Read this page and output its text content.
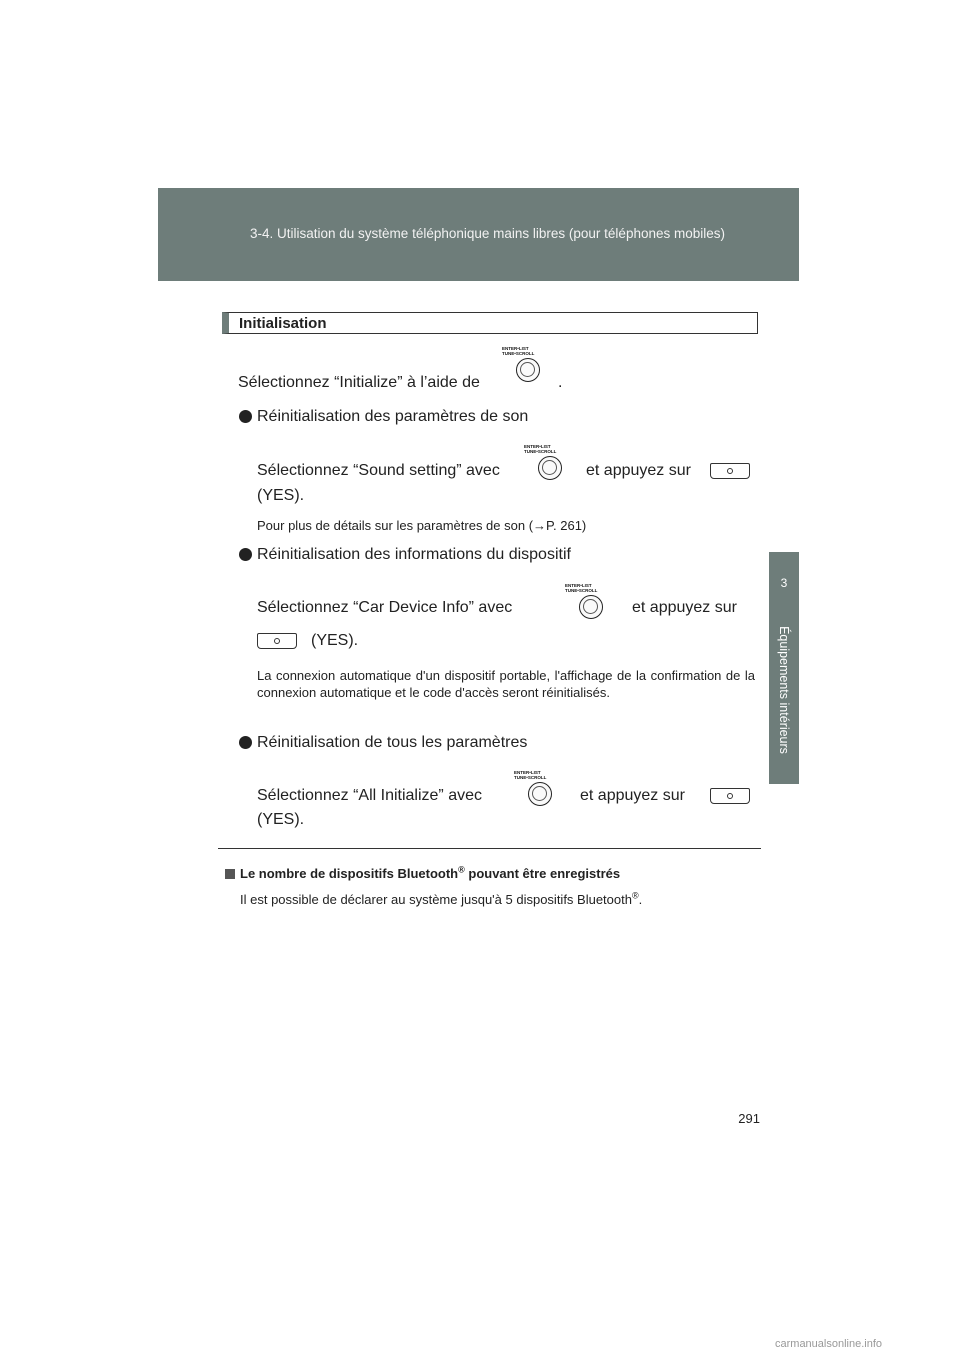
3-4. Utilisation du système téléphonique mains libres (pour téléphones mobiles)
3
Équipements intérieurs
Initialisation
Sélectionnez “Initialize” à l’aide de
ENTER•LIST
TUNE•SCROLL
.
Réinitialisation des paramètres de son
Sélectionnez “Sound setting” avec
ENTER•LIST
TUNE•SCROLL
et appuyez sur
(YES).
Pour plus de détails sur les paramètres de son (→P. 261)
Réinitialisation des informations du dispositif
Sélectionnez “Car Device Info” avec
ENTER•LIST
TUNE•SCROLL
et appuyez sur
(YES).
La connexion automatique d'un dispositif portable, l'affichage de la confirmation de la connexion automatique et le code d'accès seront réinitialisés.
Réinitialisation de tous les paramètres
Sélectionnez “All Initialize” avec
ENTER•LIST
TUNE•SCROLL
et appuyez sur
(YES).
Le nombre de dispositifs Bluetooth® pouvant être enregistrés
Il est possible de déclarer au système jusqu'à 5 dispositifs Bluetooth®.
291
carmanualsonline.info
